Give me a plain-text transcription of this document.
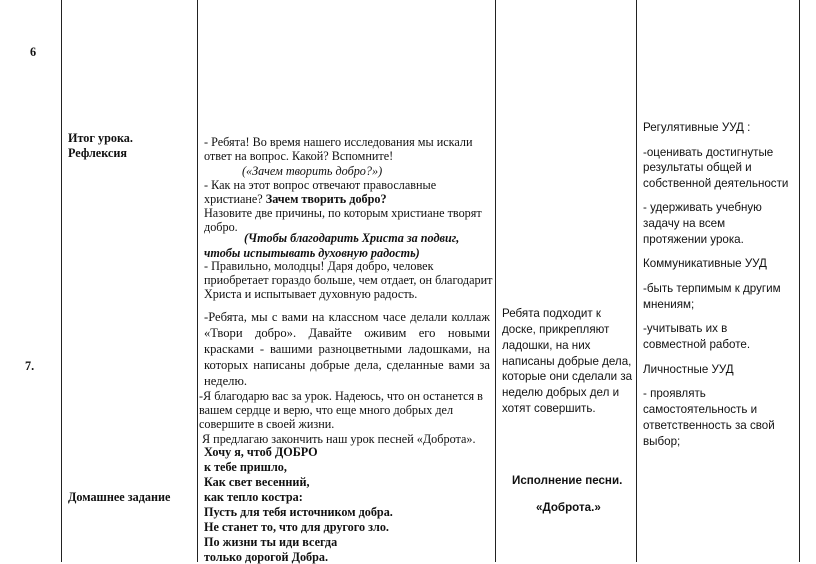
6
7.
Итог урока.
Рефлексия
Домашнее задание
- Ребята! Во время нашего исследования мы искали
ответ на вопрос. Какой? Вспомните!
(«Зачем творить добро?»)
- Как на этот вопрос отвечают православные
христиане? Зачем творить добро?
Назовите две причины, по которым христиане творят
добро.
(Чтобы благодарить Христа за подвиг,
чтобы испытывать духовную радость)
- Правильно, молодцы! Даря добро, человек
приобретает гораздо больше, чем отдает, он благодарит
Христа и испытывает духовную радость.
-Ребята, мы с вами на классном часе делали коллаж
«Твори добро». Давайте оживим его новыми
красками - вашими разноцветными ладошками, на
которых написаны добрые дела, сделанные вами за
неделю.
-Я благодарю вас за урок. Надеюсь, что он останется в
вашем сердце и верю, что еще много добрых дел
совершите в своей жизни.
Я предлагаю закончить наш урок песней «Доброта».
Хочу я, чтоб ДОБРО
к тебе пришло,
Как свет весенний,
как тепло костра:
Пусть для тебя источником добра.
Не станет то, что для другого зло.
По жизни ты иди всегда
только дорогой Добра.
Ребята подходит к
доске, прикрепляют
ладошки, на них
написаны добрые дела,
которые они сделали за
неделю добрых дел и
хотят совершить.
Исполнение песни.
«Доброта.»
Регулятивные УУД :
-оценивать достигнутые
результаты общей и
собственной деятельности
- удерживать учебную
задачу на всем
протяжении урока.
Коммуникативные УУД
-быть терпимым к другим
мнениям;
-учитывать их в
совместной работе.
Личностные УУД
- проявлять
самостоятельность и
ответственность за свой
выбор;
